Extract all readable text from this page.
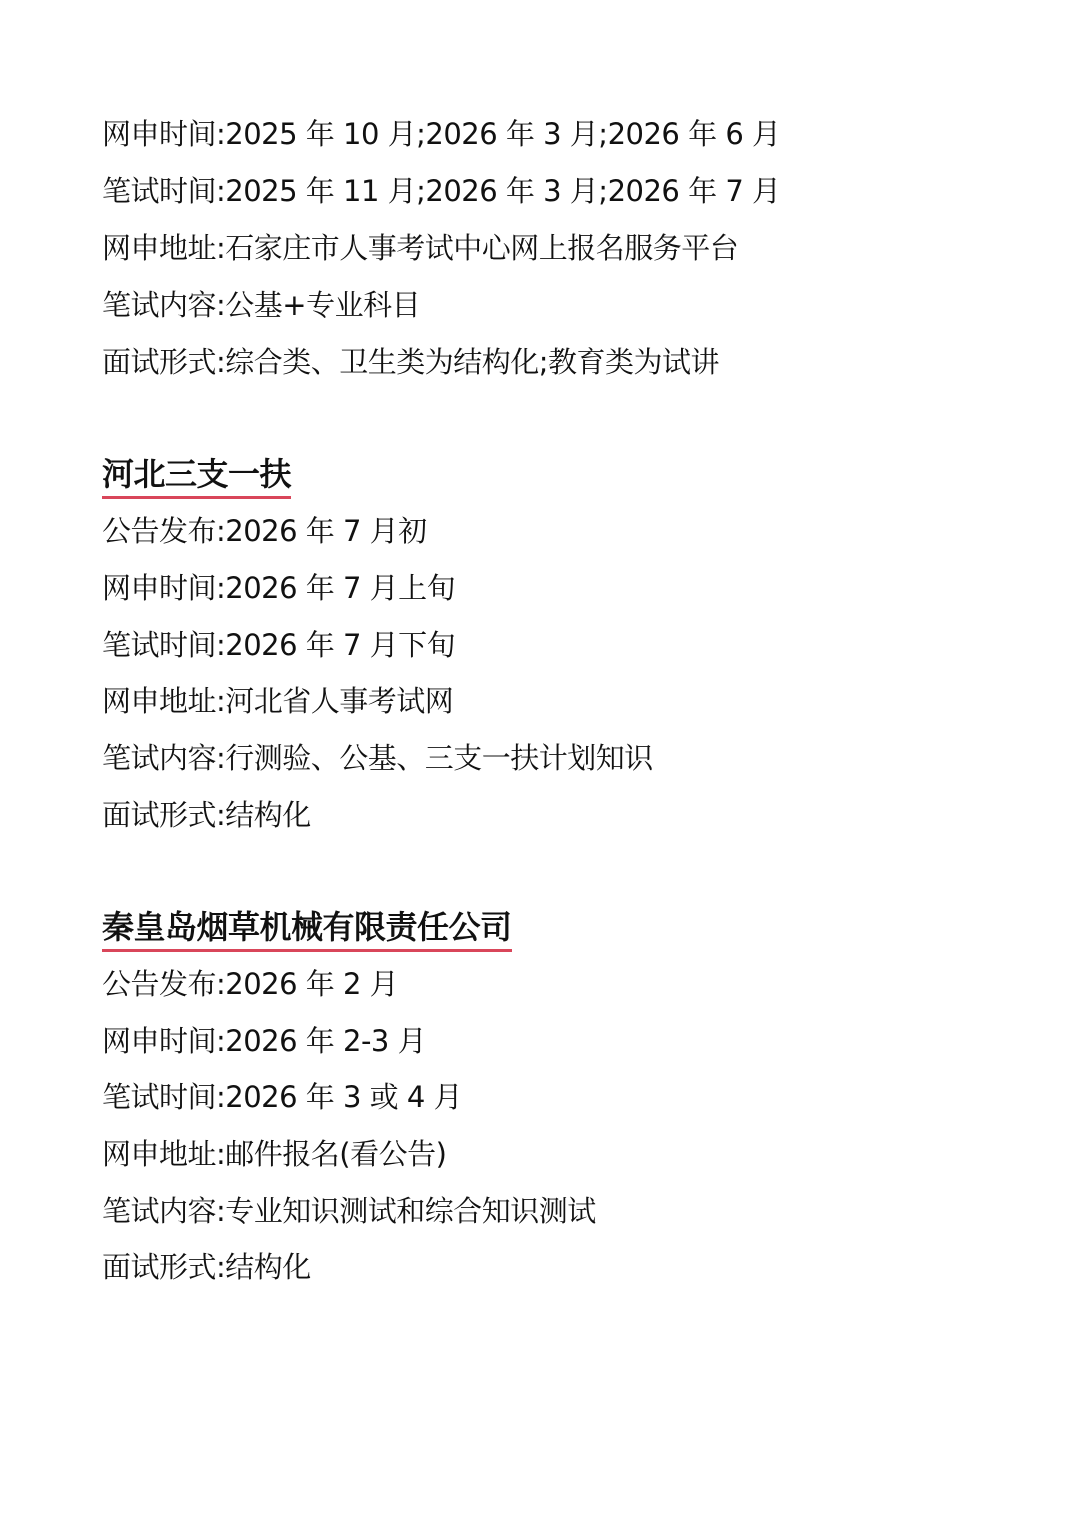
网申时间:2025 年 10 月;2026 年 3 月;2026 年 6 月
笔试时间:2025 年 11 月;2026 年 3 月;2026 年 7 月
网申地址:石家庄市人事考试中心网上报名服务平台
笔试内容:公基+专业科目
面试形式:综合类、卫生类为结构化;教育类为试讲
河北三支一扶
公告发布:2026 年 7 月初
网申时间:2026 年 7 月上旬
笔试时间:2026 年 7 月下旬
网申地址:河北省人事考试网
笔试内容:行测验、公基、三支一扶计划知识
面试形式:结构化
秦皇岛烟草机械有限责任公司
公告发布:2026 年 2 月
网申时间:2026 年 2-3 月
笔试时间:2026 年 3 或 4 月
网申地址:邮件报名(看公告)
笔试内容:专业知识测试和综合知识测试
面试形式:结构化
